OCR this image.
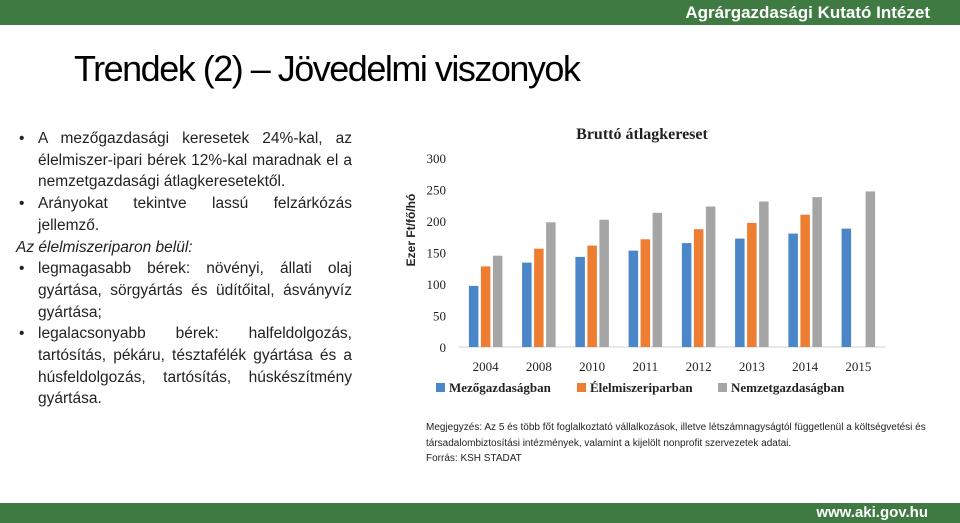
Agrárgazdasági Kutató Intézet
Trendek (2) – Jövedelmi viszonyok
• A mezőgazdasági keresetek 24%-kal, az élelmiszer-ipari bérek 12%-kal maradnak el a nemzetgazdasági átlagkeresetektől.
• Arányokat tekintve lassú felzárkózás jellemző.
Az élelmiszeriparon belül:
• legmagasabb bérek: növényi, állati olaj gyártása, sörgyártás és üdítőital, ásványvíz gyártása;
• legalacsonyabb bérek: halfeldolgozás, tartósítás, pékáru, tésztafélék gyártása és a húsfeldolgozás, tartósítás, húskészítmény gyártása.
Bruttó átlagkereset
Ezer Ft/fő/hó
0
50
100
150
200
250
300
2004 2008 2010 2011 2012 2013 2014 2015
Mezőgazdaságban	Élelmiszeriparban	Nemzetgazdaságban
Megjegyzés: Az 5 és több főt foglalkoztató vállalkozások, illetve létszámnagyságtól függetlenül a költségvetési és társadalombiztosítási intézmények, valamint a kijelölt nonprofit szervezetek adatai.
Forrás: KSH STADAT
www.aki.gov.hu
